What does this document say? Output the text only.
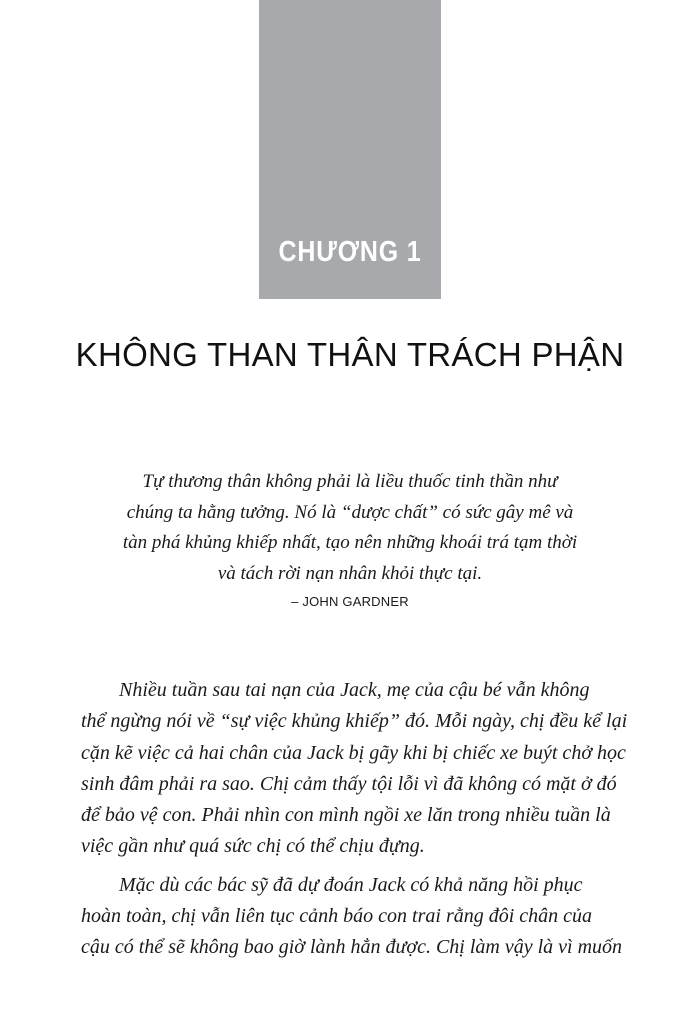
CHƯƠNG 1
KHÔNG THAN THÂN TRÁCH PHẬN
Tự thương thân không phải là liều thuốc tinh thần như
chúng ta hằng tưởng. Nó là “dược chất” có sức gây mê và
tàn phá khủng khiếp nhất, tạo nên những khoái trá tạm thời
và tách rời nạn nhân khỏi thực tại.
– JOHN GARDNER
Nhiều tuần sau tai nạn của Jack, mẹ của cậu bé vẫn không
thể ngừng nói về “sự việc khủng khiếp” đó. Mỗi ngày, chị đều kể lại
cặn kẽ việc cả hai chân của Jack bị gãy khi bị chiếc xe buýt chở học
sinh đâm phải ra sao. Chị cảm thấy tội lỗi vì đã không có mặt ở đó
để bảo vệ con. Phải nhìn con mình ngồi xe lăn trong nhiều tuần là
việc gần như quá sức chị có thể chịu đựng.
Mặc dù các bác sỹ đã dự đoán Jack có khả năng hồi phục
hoàn toàn, chị vẫn liên tục cảnh báo con trai rằng đôi chân của
cậu có thể sẽ không bao giờ lành hẳn được. Chị làm vậy là vì muốn
